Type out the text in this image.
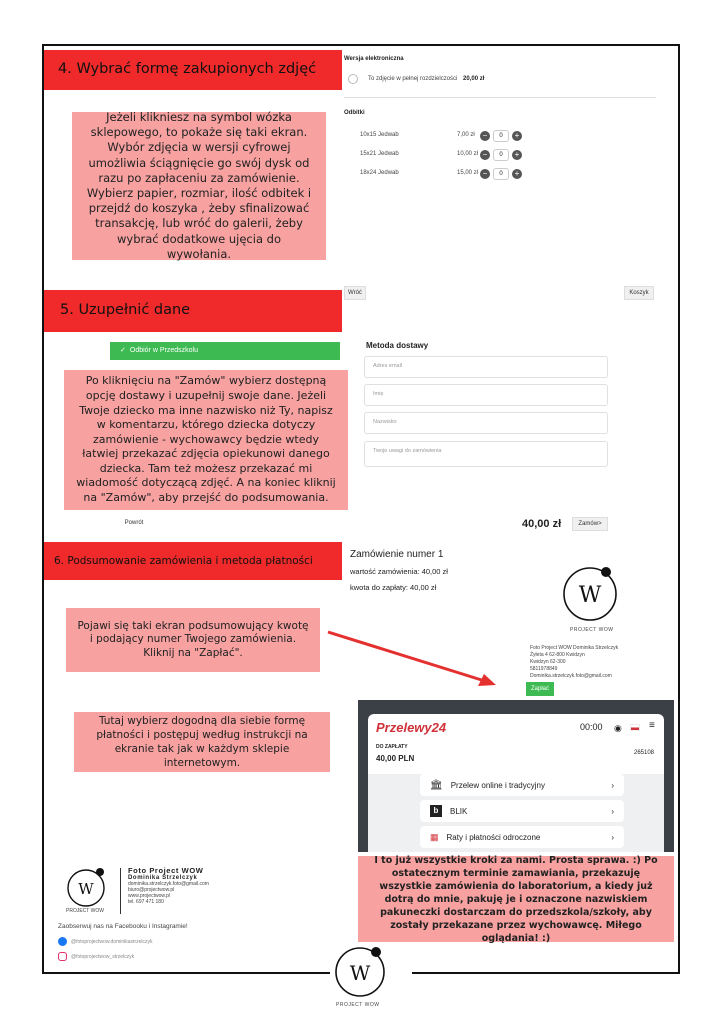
4. Wybrać formę zakupionych zdjęć
Jeżeli klikniesz na symbol wózka sklepowego, to pokaże się taki ekran. Wybór zdjęcia w wersji cyfrowej umożliwia ściągnięcie go swój dysk od razu po zapłaceniu za zamówienie. Wybierz papier, rozmiar, ilość odbitek i przejdź do koszyka , żeby sfinalizować transakcję, lub wróć do galerii, żeby wybrać dodatkowe ujęcia do wywołania.
Wersja elektroniczna
To zdjęcie w pełnej rozdzielczości 20,00 zł
Odbitki
10x15 Jedwab	7,00 zł −	0	+
15x21 Jedwab	10,00 zł −	0	+
18x24 Jedwab	15,00 zł −	0	+
Wróć	Koszyk
5. Uzupełnić dane
✓ Odbiór w Przedszkolu
Po kliknięciu na "Zamów" wybierz dostępną opcję dostawy i uzupełnij swoje dane. Jeżeli Twoje dziecko ma inne nazwisko niż Ty, napisz w komentarzu, którego dziecka dotyczy zamówienie - wychowawcy będzie wtedy łatwiej przekazać zdjęcia opiekunowi danego dziecka. Tam też możesz przekazać mi wiadomość dotyczącą zdjęć. A na koniec kliknij na "Zamów", aby przejść do podsumowania.
Powrót
Metoda dostawy
Adres email
Imię
Nazwisko
Twoje uwagi do zamówienia
40,00 zł	Zamów>
6. Podsumowanie zamówienia i metoda płatności
Zamówienie numer 1
wartość zamówienia: 40,00 zł
kwota do zapłaty: 40,00 zł	W
PROJECT WOW
Pojawi się taki ekran podsumowujący kwotę i podający numer Twojego zamówienia. Kliknij na "Zapłać".	Foto Project WOW Dominika Strzelczyk
Żyłeta 4 62-800 Kwidzyn
Kwidzyn 62-300
5811978849
Dominika.strzelczyk.foto@gmail.com
Zapłać
Tutaj wybierz dogodną dla siebie formę płatności i postępuj według instrukcji na ekranie tak jak w każdym sklepie internetowym.
Przelewy24	00:00 ◉	≡
DO ZAPŁATY
40,00 PLN
265108
🏛 Przelew online i tradycyjny	›
b	BLIK	›
▦ Raty i płatności odroczone	›
I to już wszystkie kroki za nami. Prosta sprawa. :) Po ostatecznym terminie zamawiania, przekazuję wszystkie zamówienia do laboratorium, a kiedy już dotrą do mnie, pakuję je i oznaczone nazwiskiem pakuneczki dostarczam do przedszkola/szkoły, aby zostały przekazane przez wychowawcę. Miłego oglądania! :)
W
PROJECT WOW
Foto Project WOW
Dominika Strzelczyk
dominika.strzelczyk.foto@gmail.com
biuro@projectwow.pl
www.projectwow.pl
tel. 697 471 180
Zaobserwuj nas na Facebooku i Instagramie!
@fotoprojectwow.dominikastrzelczyk
@fotoprojectwow_strzelczyk
W
PROJECT WOW
